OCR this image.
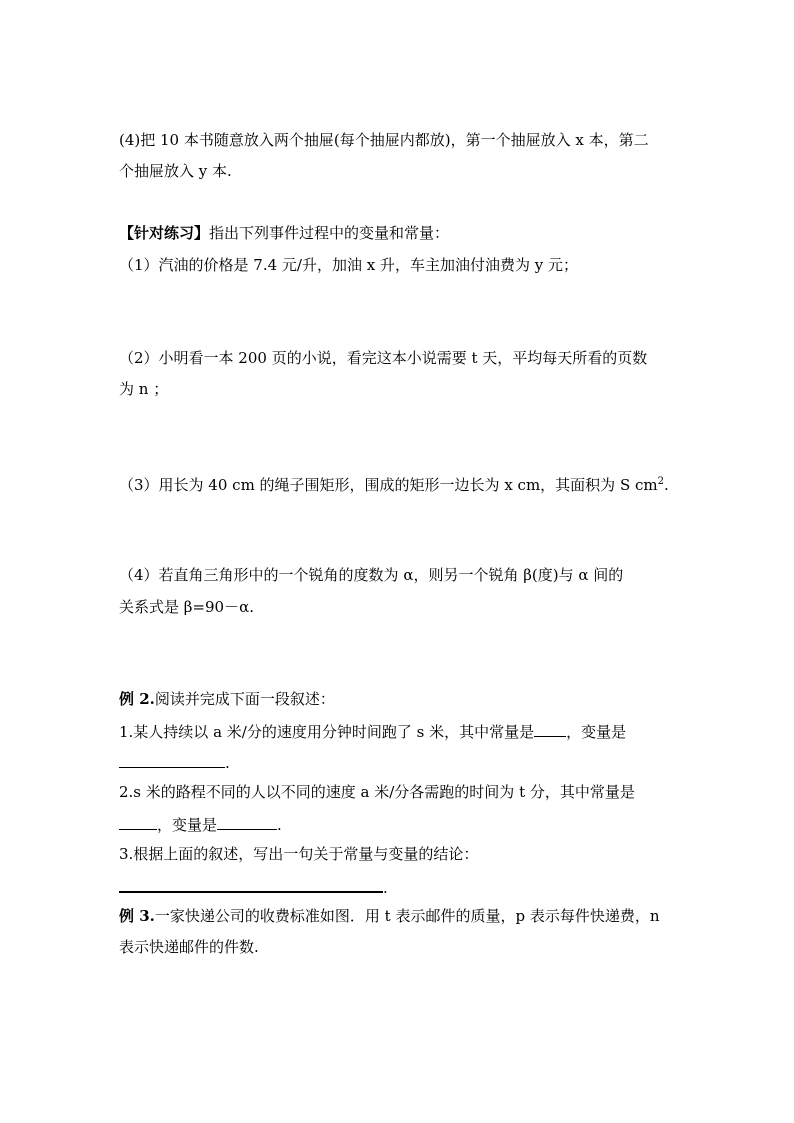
(4)把 10 本书随意放入两个抽屉(每个抽屉内都放)，第一个抽屉放入 x 本，第二
个抽屉放入 y 本.
【针对练习】指出下列事件过程中的变量和常量：
（1）汽油的价格是 7.4 元/升，加油 x 升，车主加油付油费为 y 元；
（2）小明看一本 200 页的小说，看完这本小说需要 t 天，平均每天所看的页数
为 n ；
（3）用长为 40 cm 的绳子围矩形，围成的矩形一边长为 x cm，其面积为 S $cm^2$.
（4）若直角三角形中的一个锐角的度数为 α，则另一个锐角 β(度)与 α 间的
关系式是 β=90－α.
例 2.阅读并完成下面一段叙述：
1.某人持续以 a 米/分的速度用分钟时间跑了 s 米，其中常量是 ，变量是
.
2.s 米的路程不同的人以不同的速度 a 米/分各需跑的时间为 t 分，其中常量是
，变量是	.
3.根据上面的叙述，写出一句关于常量与变量的结论：
.
例 3.一家快递公司的收费标准如图．用 t 表示邮件的质量，p 表示每件快递费，n
表示快递邮件的件数.
